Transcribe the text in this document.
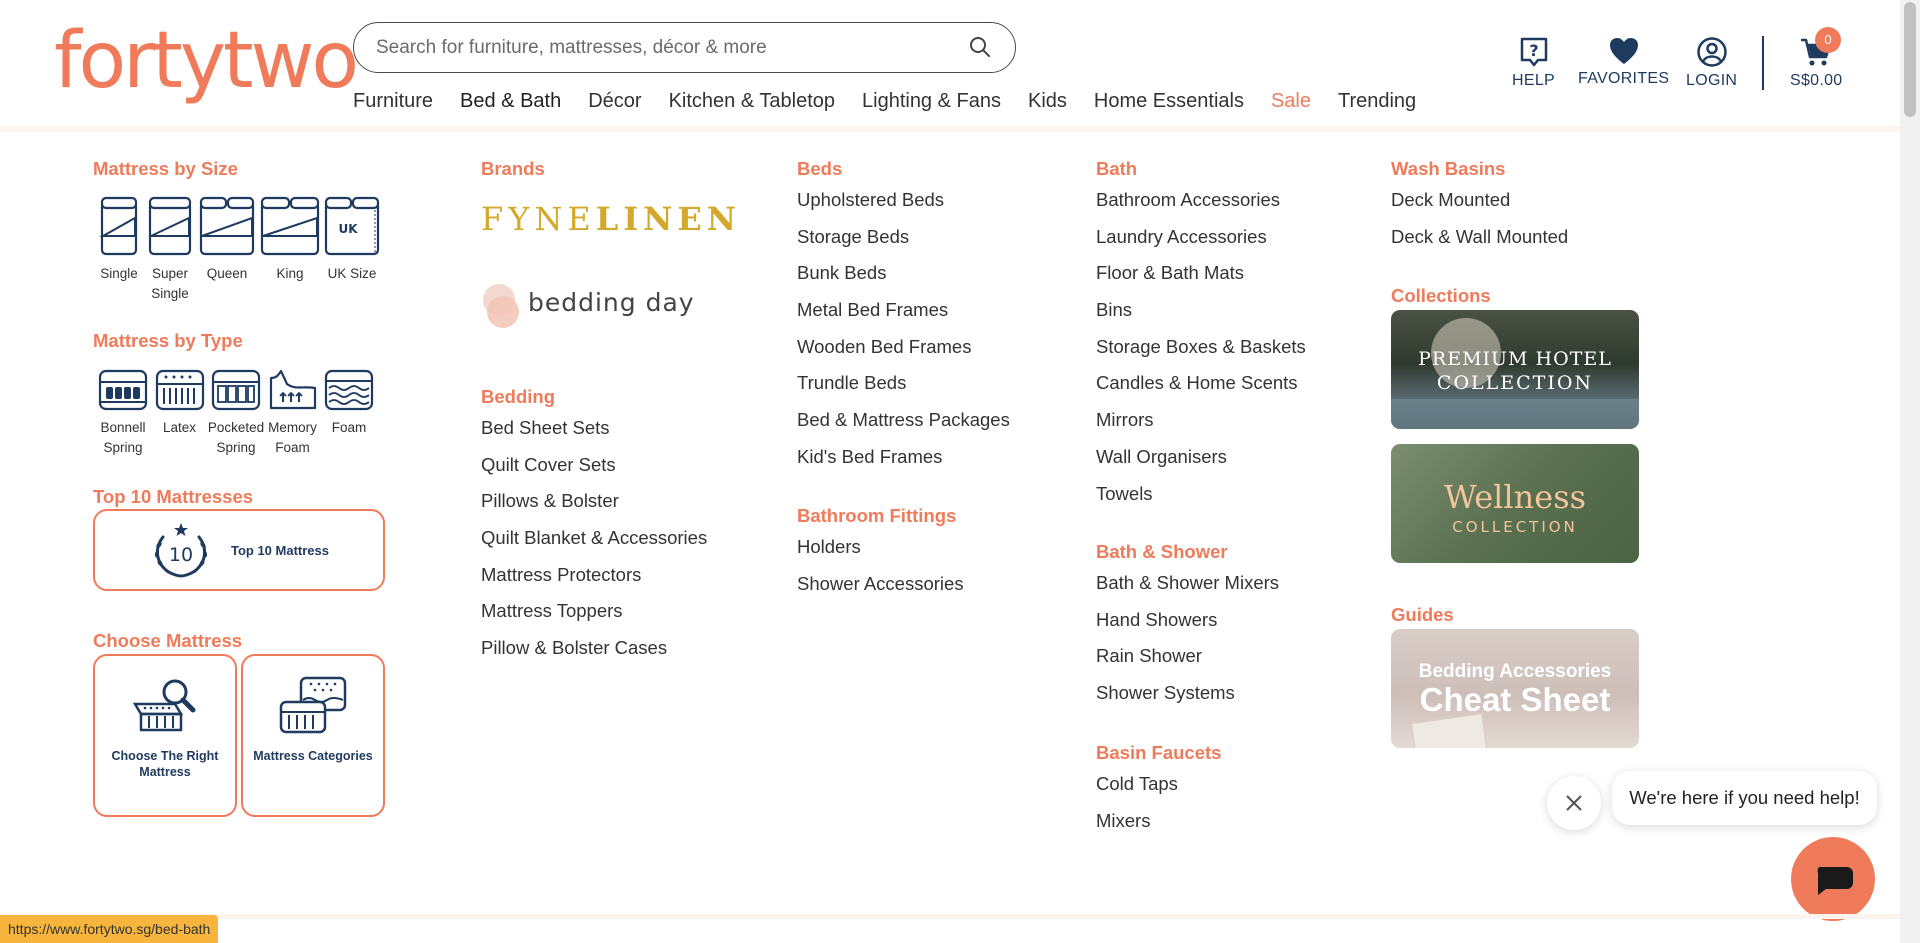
fortytwo
Search for furniture, mattresses, décor & more
Furniture Bed & Bath Décor Kitchen & Tabletop Lighting & Fans Kids Home Essentials Sale Trending
?
HELP FAVORITES LOGIN	S$0.00
0

Mattress by Size

Single	Super Single
Queen	King
UK
UK Size

Mattress by Type

Bonnell Spring
Latex Pocketed Spring
Memory Foam
Foam

Top 10 Mattresses

10	Top 10 Mattress

Choose Mattress

Choose The Right Mattress
Mattress Categories

Brands

FYNELINEN
bedding day

Bedding

Bed Sheet Sets
Quilt Cover Sets
Pillows & Bolster
Quilt Blanket & Accessories
Mattress Protectors
Mattress Toppers
Pillow & Bolster Cases

Beds

Upholstered Beds
Storage Beds
Bunk Beds
Metal Bed Frames
Wooden Bed Frames
Trundle Beds
Bed & Mattress Packages
Kid's Bed Frames

Bathroom Fittings

Holders
Shower Accessories

Bath

Bathroom Accessories
Laundry Accessories
Floor & Bath Mats
Bins
Storage Boxes & Baskets
Candles & Home Scents
Mirrors
Wall Organisers
Towels

Bath & Shower

Bath & Shower Mixers
Hand Showers
Rain Shower
Shower Systems

Basin Faucets

Cold Taps
Mixers

Wash Basins

Deck Mounted
Deck & Wall Mounted

Collections

PREMIUM HOTEL
COLLECTION
Wellness
COLLECTION

Guides

Bedding Accessories
Cheat Sheet
We're here if you need help!
https://www.fortytwo.sg/bed-bath
